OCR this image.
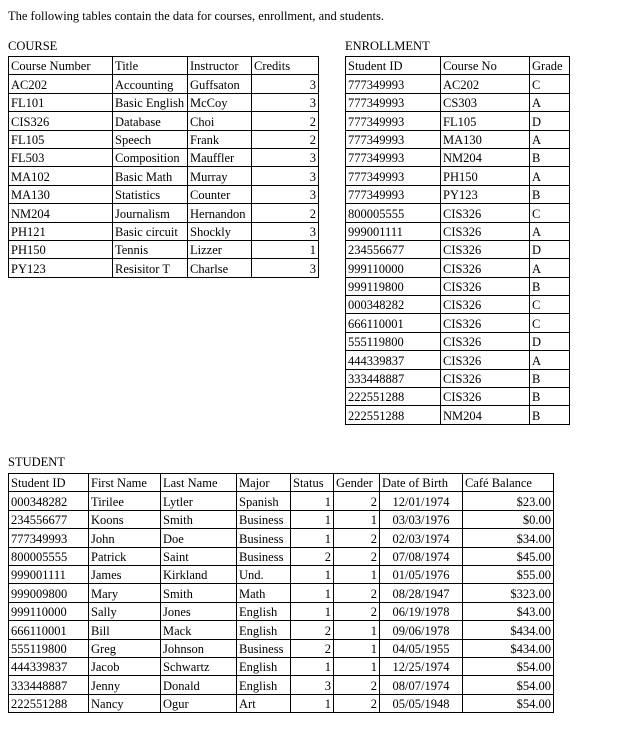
The following tables contain the data for courses, enrollment, and students.
COURSE
Course Number	Title	Instructor	Credits
AC202	Accounting	Guffsaton	3
FL101	Basic English	McCoy	3
CIS326	Database	Choi	2
FL105	Speech	Frank	2
FL503	Composition	Mauffler	3
MA102	Basic Math	Murray	3
MA130	Statistics	Counter	3
NM204	Journalism	Hernandon	2
PH121	Basic circuit	Shockly	3
PH150	Tennis	Lizzer	1
PY123	Resisitor T	Charlse	3
ENROLLMENT
Student ID	Course No	Grade
777349993	AC202	C
777349993	CS303	A
777349993	FL105	D
777349993	MA130	A
777349993	NM204	B
777349993	PH150	A
777349993	PY123	B
800005555	CIS326	C
999001111	CIS326	A
234556677	CIS326	D
999110000	CIS326	A
999119800	CIS326	B
000348282	CIS326	C
666110001	CIS326	C
555119800	CIS326	D
444339837	CIS326	A
333448887	CIS326	B
222551288	CIS326	B
222551288	NM204	B
STUDENT
Student ID	First Name	Last Name	Major	Status	Gender	Date of Birth	Café Balance
000348282	Tirilee	Lytler	Spanish	1	2	12/01/1974	$23.00
234556677	Koons	Smith	Business	1	1	03/03/1976	$0.00
777349993	John	Doe	Business	1	2	02/03/1974	$34.00
800005555	Patrick	Saint	Business	2	2	07/08/1974	$45.00
999001111	James	Kirkland	Und.	1	1	01/05/1976	$55.00
999009800	Mary	Smith	Math	1	2	08/28/1947	$323.00
999110000	Sally	Jones	English	1	2	06/19/1978	$43.00
666110001	Bill	Mack	English	2	1	09/06/1978	$434.00
555119800	Greg	Johnson	Business	2	1	04/05/1955	$434.00
444339837	Jacob	Schwartz	English	1	1	12/25/1974	$54.00
333448887	Jenny	Donald	English	3	2	08/07/1974	$54.00
222551288	Nancy	Ogur	Art	1	2	05/05/1948	$54.00
